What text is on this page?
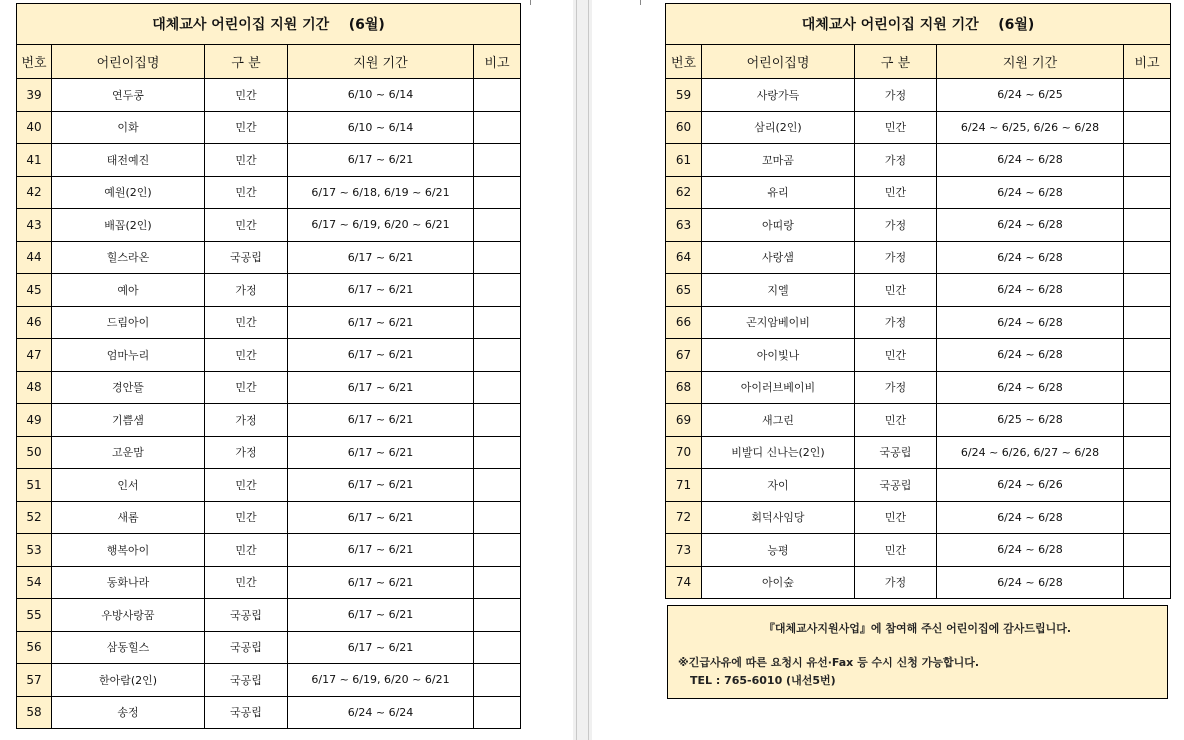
대체교사 어린이집 지원 기간 (6월)				
번호	어린이집명	구 분	지원 기간	비고
39	연두콩	민간	6/10 ~ 6/14	
40	이화	민간	6/10 ~ 6/14	
41	태전예진	민간	6/17 ~ 6/21	
42	예원(2인)	민간	6/17 ~ 6/18, 6/19 ~ 6/21	
43	배꼽(2인)	민간	6/17 ~ 6/19, 6/20 ~ 6/21	
44	힐스라온	국공립	6/17 ~ 6/21	
45	예아	가정	6/17 ~ 6/21	
46	드림아이	민간	6/17 ~ 6/21	
47	엄마누리	민간	6/17 ~ 6/21	
48	경안뜰	민간	6/17 ~ 6/21	
49	기쁨샘	가정	6/17 ~ 6/21	
50	고운맘	가정	6/17 ~ 6/21	
51	인서	민간	6/17 ~ 6/21	
52	새롬	민간	6/17 ~ 6/21	
53	행복아이	민간	6/17 ~ 6/21	
54	동화나라	민간	6/17 ~ 6/21	
55	우방사랑꿈	국공립	6/17 ~ 6/21	
56	삼동힐스	국공립	6/17 ~ 6/21	
57	한아람(2인)	국공립	6/17 ~ 6/19, 6/20 ~ 6/21	
58	송정	국공립	6/24 ~ 6/24	
대체교사 어린이집 지원 기간 (6월)				
번호	어린이집명	구 분	지원 기간	비고
59	사랑가득	가정	6/24 ~ 6/25	
60	삼리(2인)	민간	6/24 ~ 6/25, 6/26 ~ 6/28	
61	꼬마곰	가정	6/24 ~ 6/28	
62	유리	민간	6/24 ~ 6/28	
63	아띠랑	가정	6/24 ~ 6/28	
64	사랑샘	가정	6/24 ~ 6/28	
65	지엘	민간	6/24 ~ 6/28	
66	곤지암베이비	가정	6/24 ~ 6/28	
67	아이빛나	민간	6/24 ~ 6/28	
68	아이러브베이비	가정	6/24 ~ 6/28	
69	새그린	민간	6/25 ~ 6/28	
70	비발디 신나는(2인)	국공립	6/24 ~ 6/26, 6/27 ~ 6/28	
71	자이	국공립	6/24 ~ 6/26	
72	회덕사임당	민간	6/24 ~ 6/28	
73	능평	민간	6/24 ~ 6/28	
74	아이숲	가정	6/24 ~ 6/28	
『대체교사지원사업』에 참여해 주신 어린이집에 감사드립니다.
※긴급사유에 따른 요청시 유선·Fax 등 수시 신청 가능합니다.
TEL : 765-6010 (내선5번)
